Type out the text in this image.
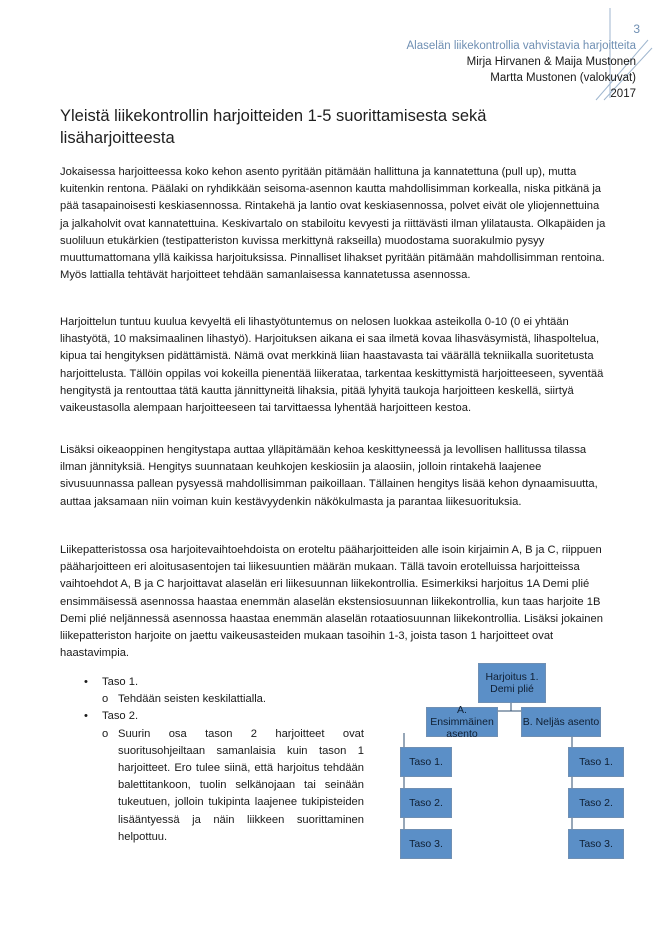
3
Alaselän liikekontrollia vahvistavia harjoitteita
Mirja Hirvanen & Maija Mustonen
Martta Mustonen (valokuvat)
2017
Yleistä liikekontrollin harjoitteiden 1-5 suorittamisesta sekä lisäharjoitteesta
Jokaisessa harjoitteessa koko kehon asento pyritään pitämään hallittuna ja kannatettuna (pull up), mutta kuitenkin rentona. Päälaki on ryhdikkään seisoma-asennon kautta mahdollisimman korkealla, niska pitkänä ja pää tasapainoisesti keskiasennossa. Rintakehä ja lantio ovat keskiasennossa, polvet eivät ole yliojennettuina ja jalkaholvit ovat kannatettuina. Keskivartalo on stabiloitu kevyesti ja riittävästi ilman ylilatausta. Olkapäiden ja suoliluun etukärkien (testipatteriston kuvissa merkittynä rakseilla) muodostama suorakulmio pysyy muuttumattomana yllä kaikissa harjoituksissa. Pinnalliset lihakset pyritään pitämään mahdollisimman rentoina. Myös lattialla tehtävät harjoitteet tehdään samanlaisessa kannatetussa asennossa.
Harjoittelun tuntuu kuulua kevyeltä eli lihastyötuntemus on nelosen luokkaa asteikolla 0-10 (0 ei yhtään lihastyötä, 10 maksimaalinen lihastyö). Harjoituksen aikana ei saa ilmetä kovaa lihasväsymistä, lihaspoltelua, kipua tai hengityksen pidättämistä. Nämä ovat merkkinä liian haastavasta tai väärällä tekniikalla suoritetusta harjoittelusta. Tällöin oppilas voi kokeilla pienentää liikerataa, tarkentaa keskittymistä harjoitteeseen, syventää hengitystä ja rentouttaa tätä kautta jännittyneitä lihaksia, pitää lyhyitä taukoja harjoitteen keskellä, siirtyä vaikeustasolla alempaan harjoitteeseen tai tarvittaessa lyhentää harjoitteen kestoa.
Lisäksi oikeaoppinen hengitystapa auttaa ylläpitämään kehoa keskittyneessä ja levollisen hallitussa tilassa ilman jännityksiä. Hengitys suunnataan keuhkojen keskiosiin ja alaosiin, jolloin rintakehä laajenee sivusuunnassa pallean pysyessä mahdollisimman paikoillaan. Tällainen hengitys lisää kehon dynaamisuutta, auttaa jaksamaan niin voiman kuin kestävyydenkin näkökulmasta ja parantaa liikesuorituksia.
Liikepatteristossa osa harjoitevaihtoehdoista on eroteltu pääharjoitteiden alle isoin kirjaimin A, B ja C, riippuen pääharjoitteen eri aloitusasentojen tai liikesuuntien määrän mukaan. Tällä tavoin erotelluissa harjoitteissa vaihtoehdot A, B ja C harjoittavat alaselän eri liikesuunnan liikekontrollia. Esimerkiksi harjoitus 1A Demi plié ensimmäisessä asennossa haastaa enemmän alaselän ekstensiosuunnan liikekontrollia, kun taas harjoite 1B Demi plié neljännessä asennossa haastaa enemmän alaselän rotaatiosuunnan liikekontrollia. Lisäksi jokainen liikepatteriston harjoite on jaettu vaikeusasteiden mukaan tasoihin 1-3, joista tason 1 harjoitteet ovat haastavimpia.
• Taso 1.
o Tehdään seisten keskilattialla.
• Taso 2.
o Suurin osa tason 2 harjoitteet ovat suoritusohjeiltaan samanlaisia kuin tason 1 harjoitteet. Ero tulee siinä, että harjoitus tehdään balettitankoon, tuolin selkänojaan tai seinään tukeutuen, jolloin tukipinta laajenee tukipisteiden lisääntyessä ja näin liikkeen suorittaminen helpottuu.
Harjoitus 1. Demi plié
A. Ensimmäinen asento
B. Neljäs asento
Taso 1.
Taso 2.
Taso 3.
Taso 1.
Taso 2.
Taso 3.
